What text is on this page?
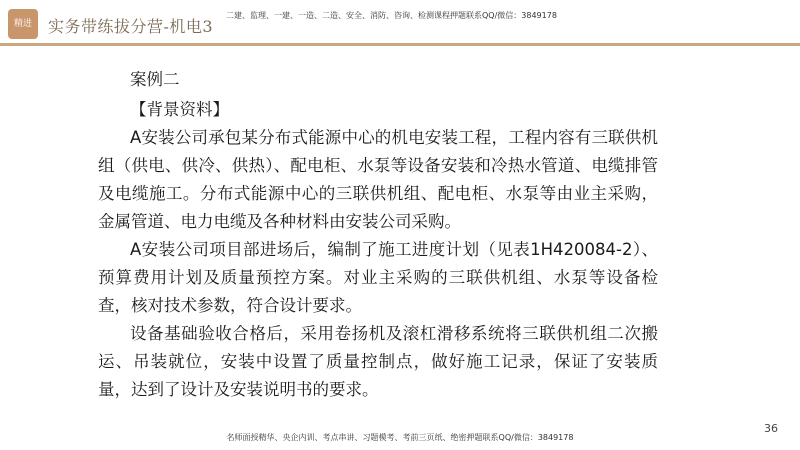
精进	实务带练拔分营-机电3
二建、监理、一建、一造、二造、安全、消防、咨询、检测课程押题联系QQ/微信：3849178

案例二

【背景资料】

A安装公司承包某分布式能源中心的机电安装工程，工程内容有三联供机组（供电、供冷、供热）、配电柜、水泵等设备安装和冷热水管道、电缆排管及电缆施工。分布式能源中心的三联供机组、配电柜、水泵等由业主采购，金属管道、电力电缆及各种材料由安装公司采购。

A安装公司项目部进场后，编制了施工进度计划（见表1H420084-2）、预算费用计划及质量预控方案。对业主采购的三联供机组、水泵等设备检查，核对技术参数，符合设计要求。

设备基础验收合格后，采用卷扬机及滚杠滑移系统将三联供机组二次搬运、吊装就位，安装中设置了质量控制点，做好施工记录，保证了安装质量，达到了设计及安装说明书的要求。

36
名师面授精华、央企内训、考点串讲、习题模考、考前三页纸、绝密押题联系QQ/微信：3849178
